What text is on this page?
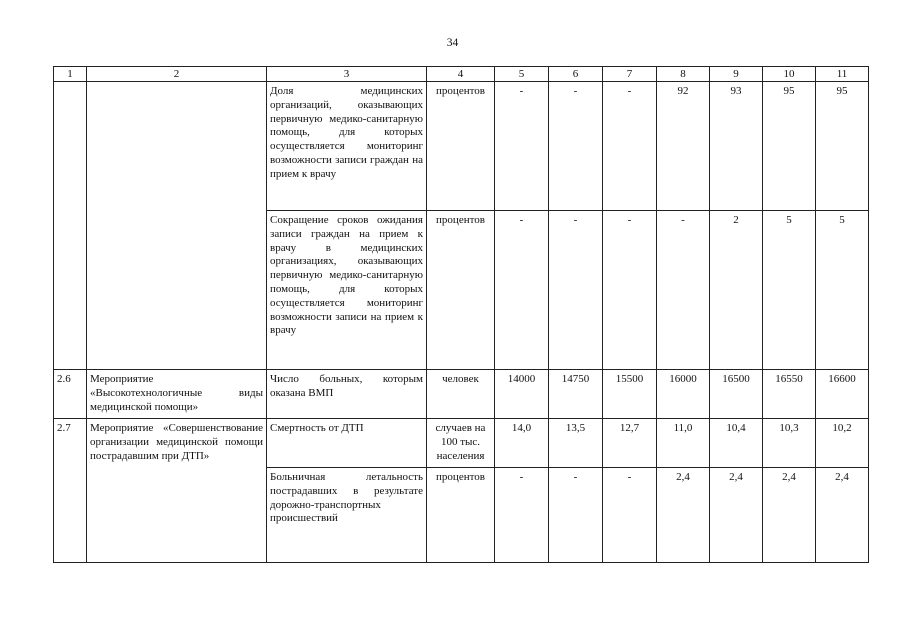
34
1	2	3	4	5	6	7	8	9	10	11
		Доля медицинских организаций, оказывающих первичную медико-санитарную помощь, для которых осуществляется мониторинг возможности записи граждан на прием к врачу	процентов	-	-	-	92	93	95	95
		Сокращение сроков ожидания записи граждан на прием к врачу в медицинских организациях, оказывающих первичную медико-санитарную помощь, для которых осуществляется мониторинг возможности записи на прием к врачу	процентов	-	-	-	-	2	5	5
2.6	Мероприятие «Высокотехнологичные виды медицинской помощи»	Число больных, которым оказана ВМП	человек	14000	14750	15500	16000	16500	16550	16600
2.7	Мероприятие «Совершенствование организации медицинской помощи пострадавшим при ДТП»	Смертность от ДТП	случаев на 100 тыс. населения	14,0	13,5	12,7	11,0	10,4	10,3	10,2
		Больничная летальность пострадавших в результате дорожно-транспортных происшествий	процентов	-	-	-	2,4	2,4	2,4	2,4
